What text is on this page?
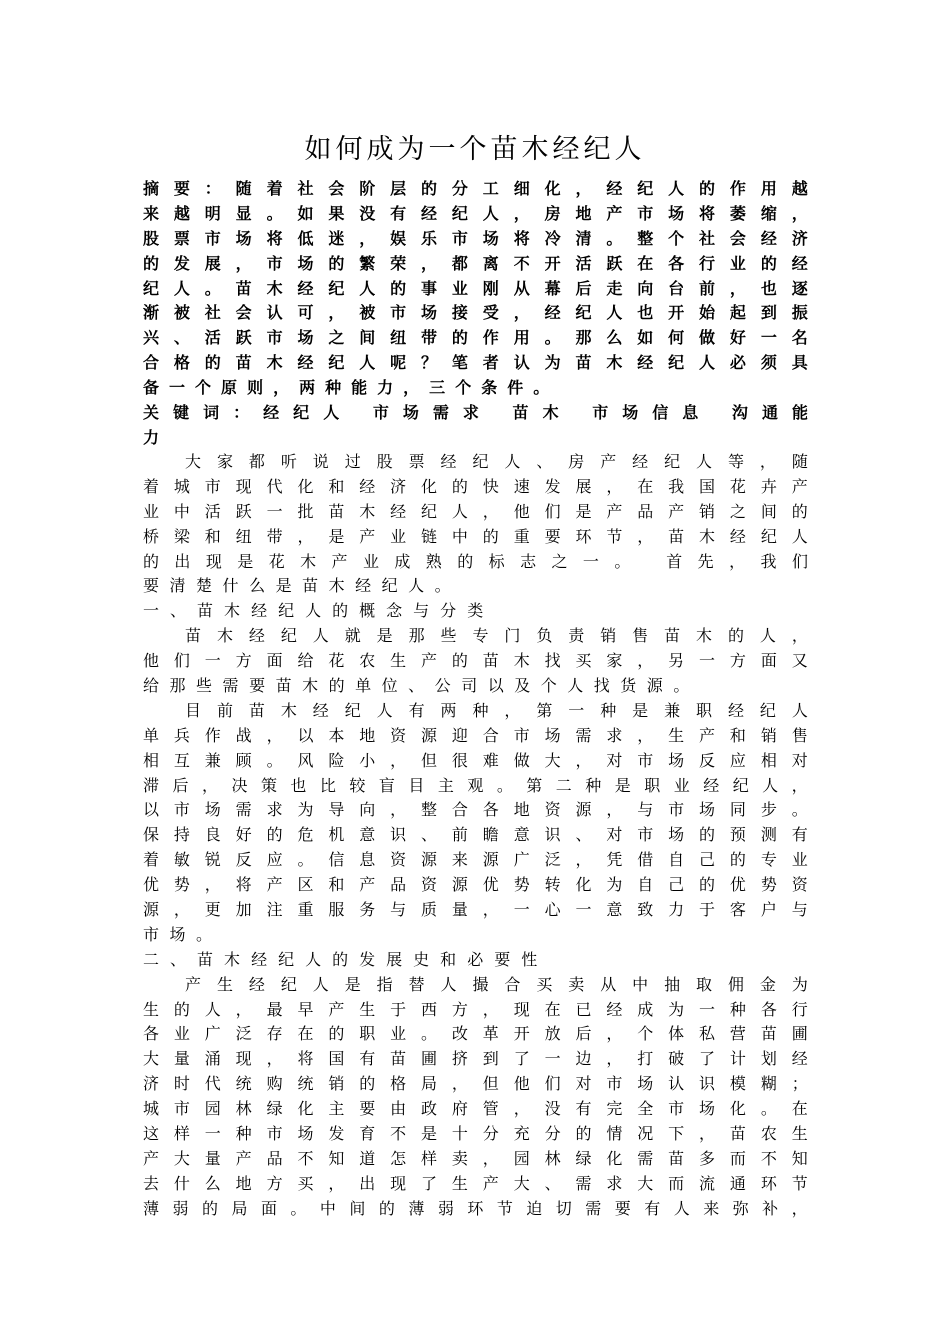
如何成为一个苗木经纪人
摘 要 ： 随 着 社 会 阶 层 的 分 工 细 化 ， 经 纪 人 的 作 用 越
来 越 明 显 。 如 果 没 有 经 纪 人 ， 房 地 产 市 场 将 萎 缩 ，
股 票 市 场 将 低 迷 ， 娱 乐 市 场 将 冷 清 。 整 个 社 会 经 济
的 发 展 ， 市 场 的 繁 荣 ， 都 离 不 开 活 跃 在 各 行 业 的 经
纪 人 。 苗 木 经 纪 人 的 事 业 刚 从 幕 后 走 向 台 前 ， 也 逐
渐 被 社 会 认 可 ， 被 市 场 接 受 ， 经 纪 人 也 开 始 起 到 振
兴 、 活 跃 市 场 之 间 纽 带 的 作 用 。 那 么 如 何 做 好 一 名
合 格 的 苗 木 经 纪 人 呢 ？ 笔 者 认 为 苗 木 经 纪 人 必 须 具
备 一 个 原 则 ， 两 种 能 力 ， 三 个 条 件 。
关 键 词 ： 经 纪 人
市 场 需 求
苗 木
市 场 信 息
沟 通 能
力
大 家 都 听 说 过 股 票 经 纪 人 、 房 产 经 纪 人 等 ， 随
着 城 市 现 代 化 和 经 济 化 的 快 速 发 展 ， 在 我 国 花 卉 产
业 中 活 跃 一 批 苗 木 经 纪 人 ， 他 们 是 产 品 产 销 之 间 的
桥 梁 和 纽 带 ， 是 产 业 链 中 的 重 要 环 节 ， 苗 木 经 纪 人
的 出 现 是 花 木 产 业 成 熟 的 标 志 之 一 。
首 先 ， 我 们
要 清 楚 什 么 是 苗 木 经 纪 人 。
一 、 苗 木 经 纪 人 的 概 念 与 分 类
苗 木 经 纪 人 就 是 那 些 专 门 负 责 销 售 苗 木 的 人 ，
他 们 一 方 面 给 花 农 生 产 的 苗 木 找 买 家 ， 另 一 方 面 又
给 那 些 需 要 苗 木 的 单 位 、 公 司 以 及 个 人 找 货 源 。
目 前 苗 木 经 纪 人 有 两 种 ， 第 一 种 是 兼 职 经 纪 人
单 兵 作 战 ， 以 本 地 资 源 迎 合 市 场 需 求 ， 生 产 和 销 售
相 互 兼 顾 。 风 险 小 ， 但 很 难 做 大 ， 对 市 场 反 应 相 对
滞 后 ， 决 策 也 比 较 盲 目 主 观 。 第 二 种 是 职 业 经 纪 人 ，
以 市 场 需 求 为 导 向 ， 整 合 各 地 资 源 ， 与 市 场 同 步 。
保 持 良 好 的 危 机 意 识 、 前 瞻 意 识 、 对 市 场 的 预 测 有
着 敏 锐 反 应 。 信 息 资 源 来 源 广 泛 ， 凭 借 自 己 的 专 业
优 势 ， 将 产 区 和 产 品 资 源 优 势 转 化 为 自 己 的 优 势 资
源 ， 更 加 注 重 服 务 与 质 量 ， 一 心 一 意 致 力 于 客 户 与
市 场 。
二 、 苗 木 经 纪 人 的 发 展 史 和 必 要 性
产 生 经 纪 人 是 指 替 人 撮 合 买 卖 从 中 抽 取 佣 金 为
生 的 人 ， 最 早 产 生 于 西 方 ， 现 在 已 经 成 为 一 种 各 行
各 业 广 泛 存 在 的 职 业 。 改 革 开 放 后 ， 个 体 私 营 苗 圃
大 量 涌 现 ， 将 国 有 苗 圃 挤 到 了 一 边 ， 打 破 了 计 划 经
济 时 代 统 购 统 销 的 格 局 ， 但 他 们 对 市 场 认 识 模 糊 ；
城 市 园 林 绿 化 主 要 由 政 府 管 ， 没 有 完 全 市 场 化 。 在
这 样 一 种 市 场 发 育 不 是 十 分 充 分 的 情 况 下 ， 苗 农 生
产 大 量 产 品 不 知 道 怎 样 卖 ， 园 林 绿 化 需 苗 多 而 不 知
去 什 么 地 方 买 ， 出 现 了 生 产 大 、 需 求 大 而 流 通 环 节
薄 弱 的 局 面 。 中 间 的 薄 弱 环 节 迫 切 需 要 有 人 来 弥 补 ，
